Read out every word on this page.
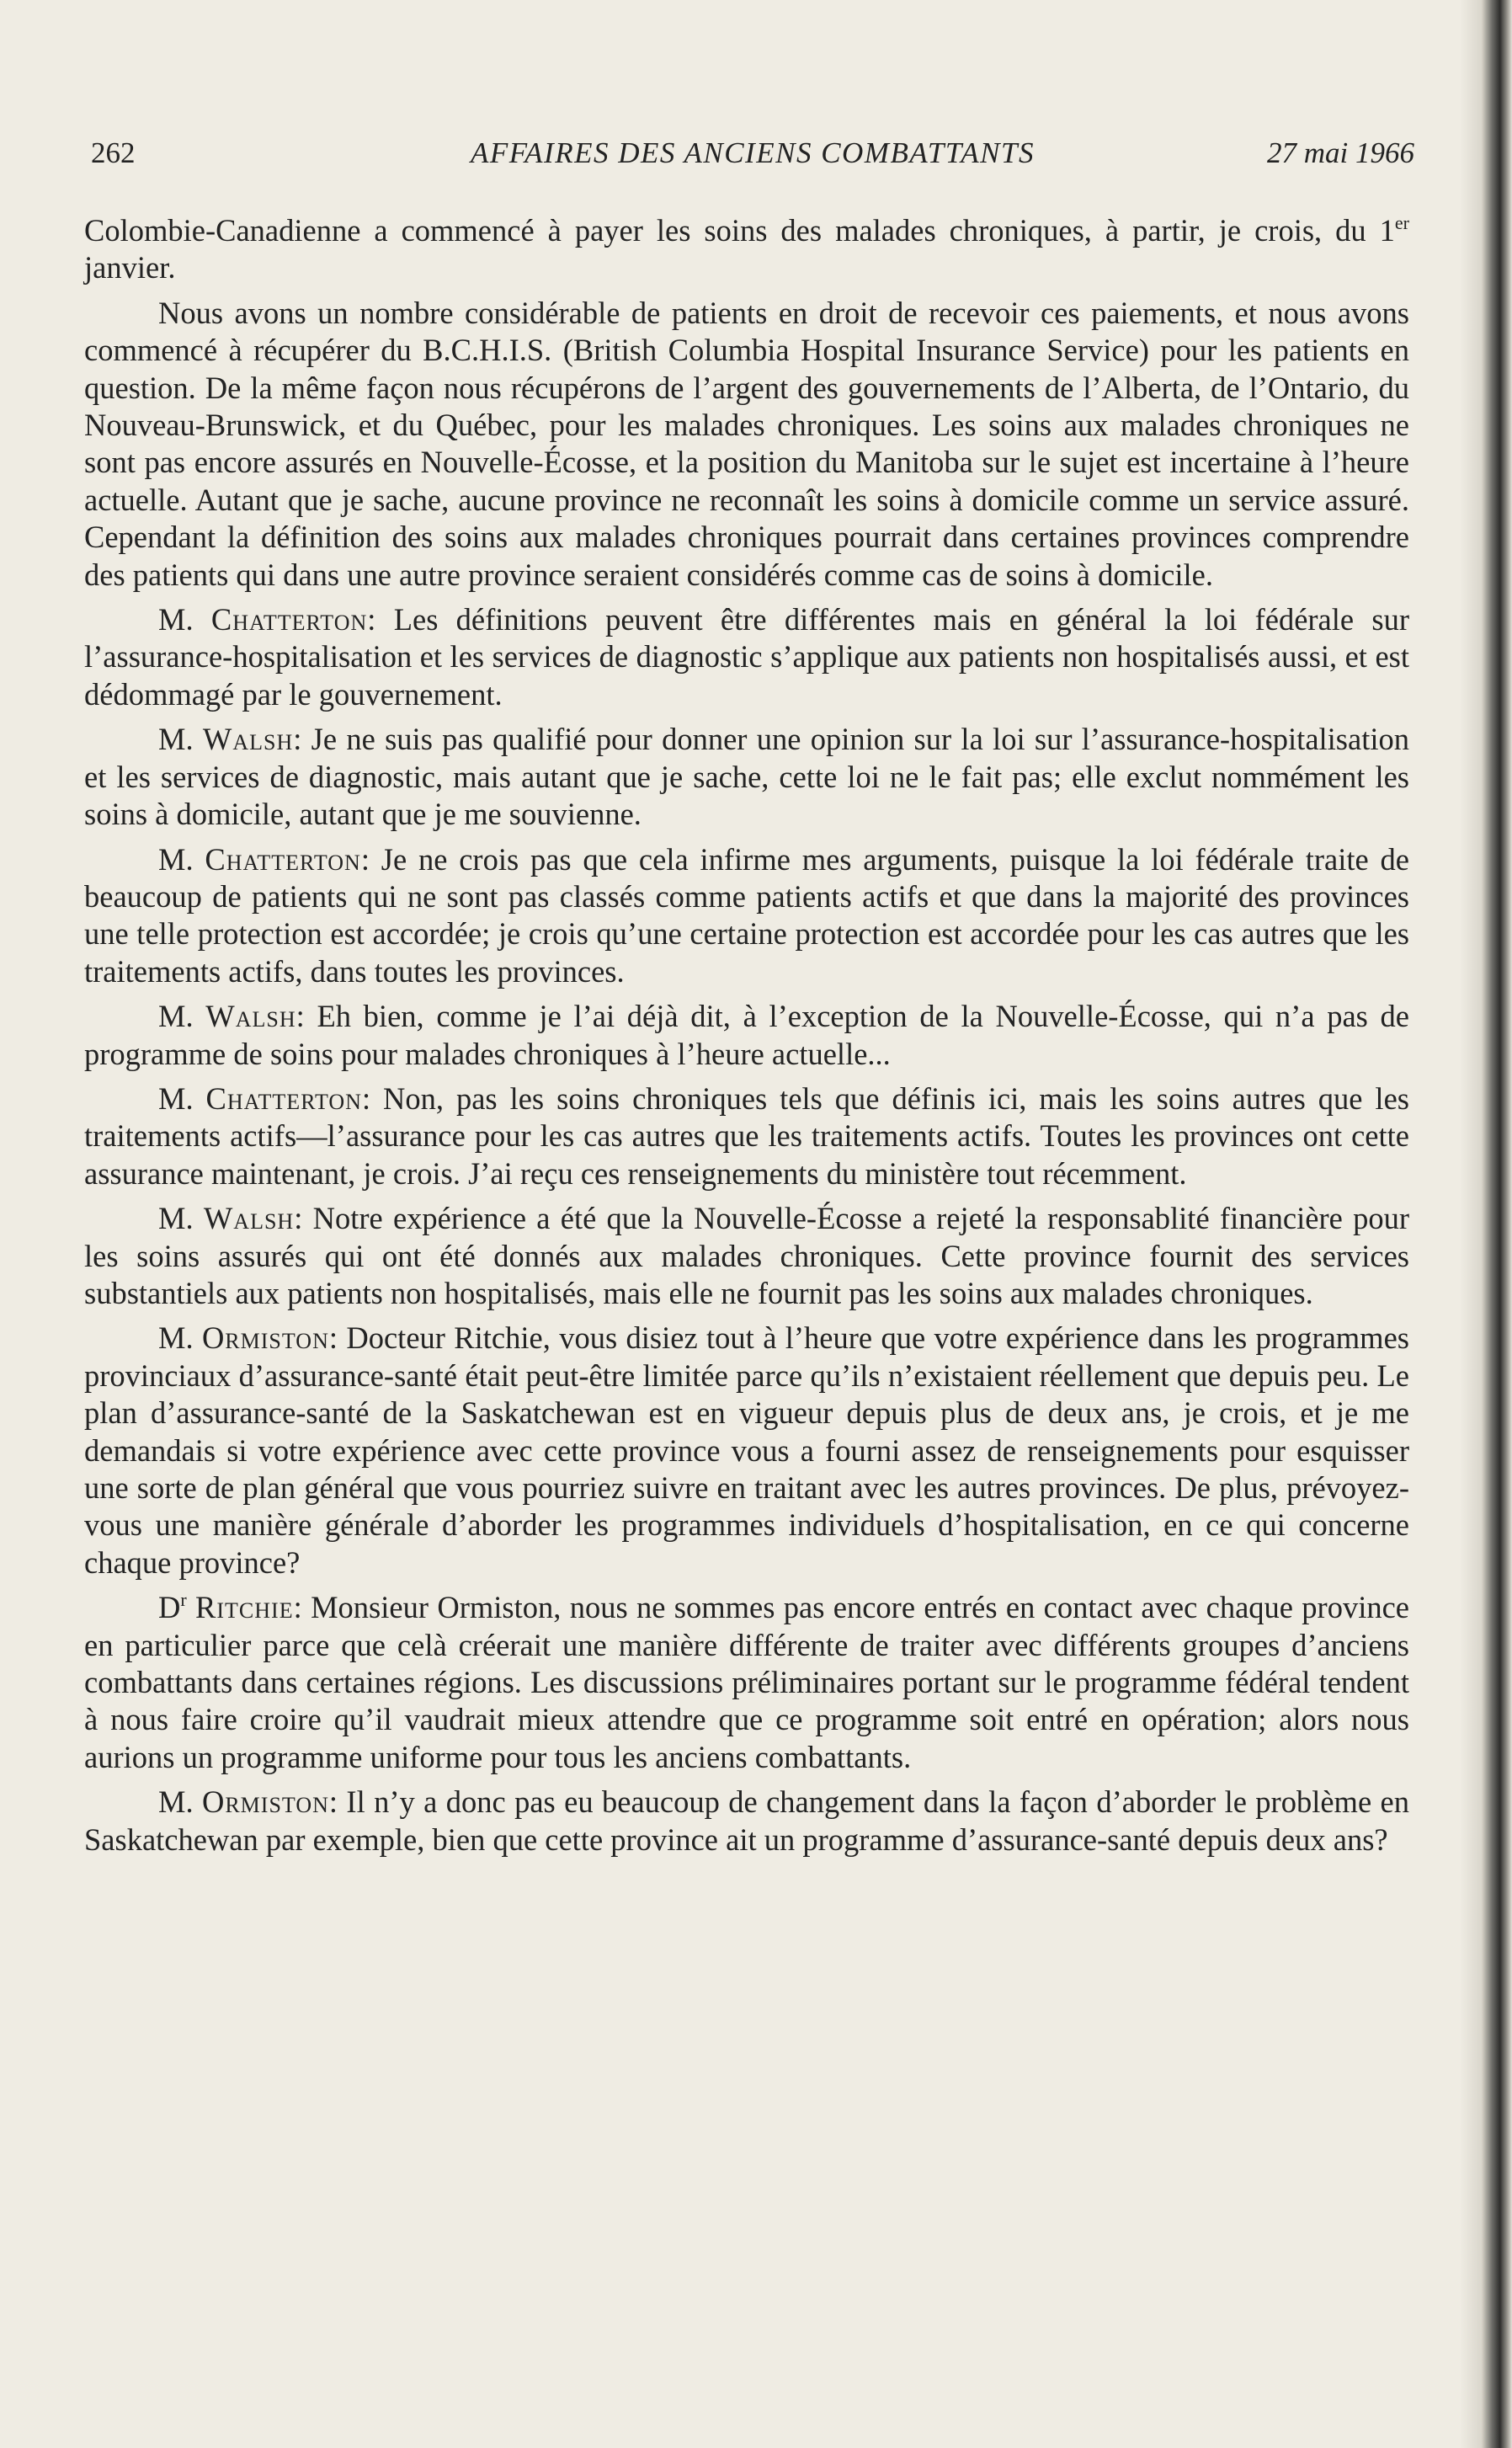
262	AFFAIRES DES ANCIENS COMBATTANTS	27 mai 1966

Colombie-Canadienne a commencé à payer les soins des malades chroniques, à partir, je crois, du 1er janvier.

Nous avons un nombre considérable de patients en droit de recevoir ces paiements, et nous avons commencé à récupérer du B.C.H.I.S. (British Columbia Hospital Insurance Service) pour les patients en question. De la même façon nous récupérons de l’argent des gouvernements de l’Alberta, de l’Ontario, du Nouveau-Brunswick, et du Québec, pour les malades chroniques. Les soins aux malades chroniques ne sont pas encore assurés en Nouvelle-Écosse, et la position du Manitoba sur le sujet est incertaine à l’heure actuelle. Autant que je sache, aucune province ne reconnaît les soins à domicile comme un service assuré. Cependant la définition des soins aux malades chroniques pourrait dans certaines provinces comprendre des patients qui dans une autre province seraient considérés comme cas de soins à domicile.

M. Chatterton: Les définitions peuvent être différentes mais en général la loi fédérale sur l’assurance-hospitalisation et les services de diagnostic s’applique aux patients non hospitalisés aussi, et est dédommagé par le gouvernement.

M. Walsh: Je ne suis pas qualifié pour donner une opinion sur la loi sur l’assurance-hospitalisation et les services de diagnostic, mais autant que je sache, cette loi ne le fait pas; elle exclut nommément les soins à domicile, autant que je me souvienne.

M. Chatterton: Je ne crois pas que cela infirme mes arguments, puisque la loi fédérale traite de beaucoup de patients qui ne sont pas classés comme patients actifs et que dans la majorité des provinces une telle protection est accordée; je crois qu’une certaine protection est accordée pour les cas autres que les traitements actifs, dans toutes les provinces.

M. Walsh: Eh bien, comme je l’ai déjà dit, à l’exception de la Nouvelle-Écosse, qui n’a pas de programme de soins pour malades chroniques à l’heure actuelle...

M. Chatterton: Non, pas les soins chroniques tels que définis ici, mais les soins autres que les traitements actifs—l’assurance pour les cas autres que les traitements actifs. Toutes les provinces ont cette assurance maintenant, je crois. J’ai reçu ces renseignements du ministère tout récemment.

M. Walsh: Notre expérience a été que la Nouvelle-Écosse a rejeté la responsablité financière pour les soins assurés qui ont été donnés aux malades chroniques. Cette province fournit des services substantiels aux patients non hospitalisés, mais elle ne fournit pas les soins aux malades chroniques.

M. Ormiston: Docteur Ritchie, vous disiez tout à l’heure que votre expérience dans les programmes provinciaux d’assurance-santé était peut-être limitée parce qu’ils n’existaient réellement que depuis peu. Le plan d’assurance-santé de la Saskatchewan est en vigueur depuis plus de deux ans, je crois, et je me demandais si votre expérience avec cette province vous a fourni assez de renseignements pour esquisser une sorte de plan général que vous pourriez suivre en traitant avec les autres provinces. De plus, prévoyez-vous une manière générale d’aborder les programmes individuels d’hospitalisation, en ce qui concerne chaque province?

$D^r$ Ritchie: Monsieur Ormiston, nous ne sommes pas encore entrés en contact avec chaque province en particulier parce que celà créerait une manière différente de traiter avec différents groupes d’anciens combattants dans certaines régions. Les discussions préliminaires portant sur le programme fédéral tendent à nous faire croire qu’il vaudrait mieux attendre que ce programme soit entré en opération; alors nous aurions un programme uniforme pour tous les anciens combattants.

M. Ormiston: Il n’y a donc pas eu beaucoup de changement dans la façon d’aborder le problème en Saskatchewan par exemple, bien que cette province ait un programme d’assurance-santé depuis deux ans?
